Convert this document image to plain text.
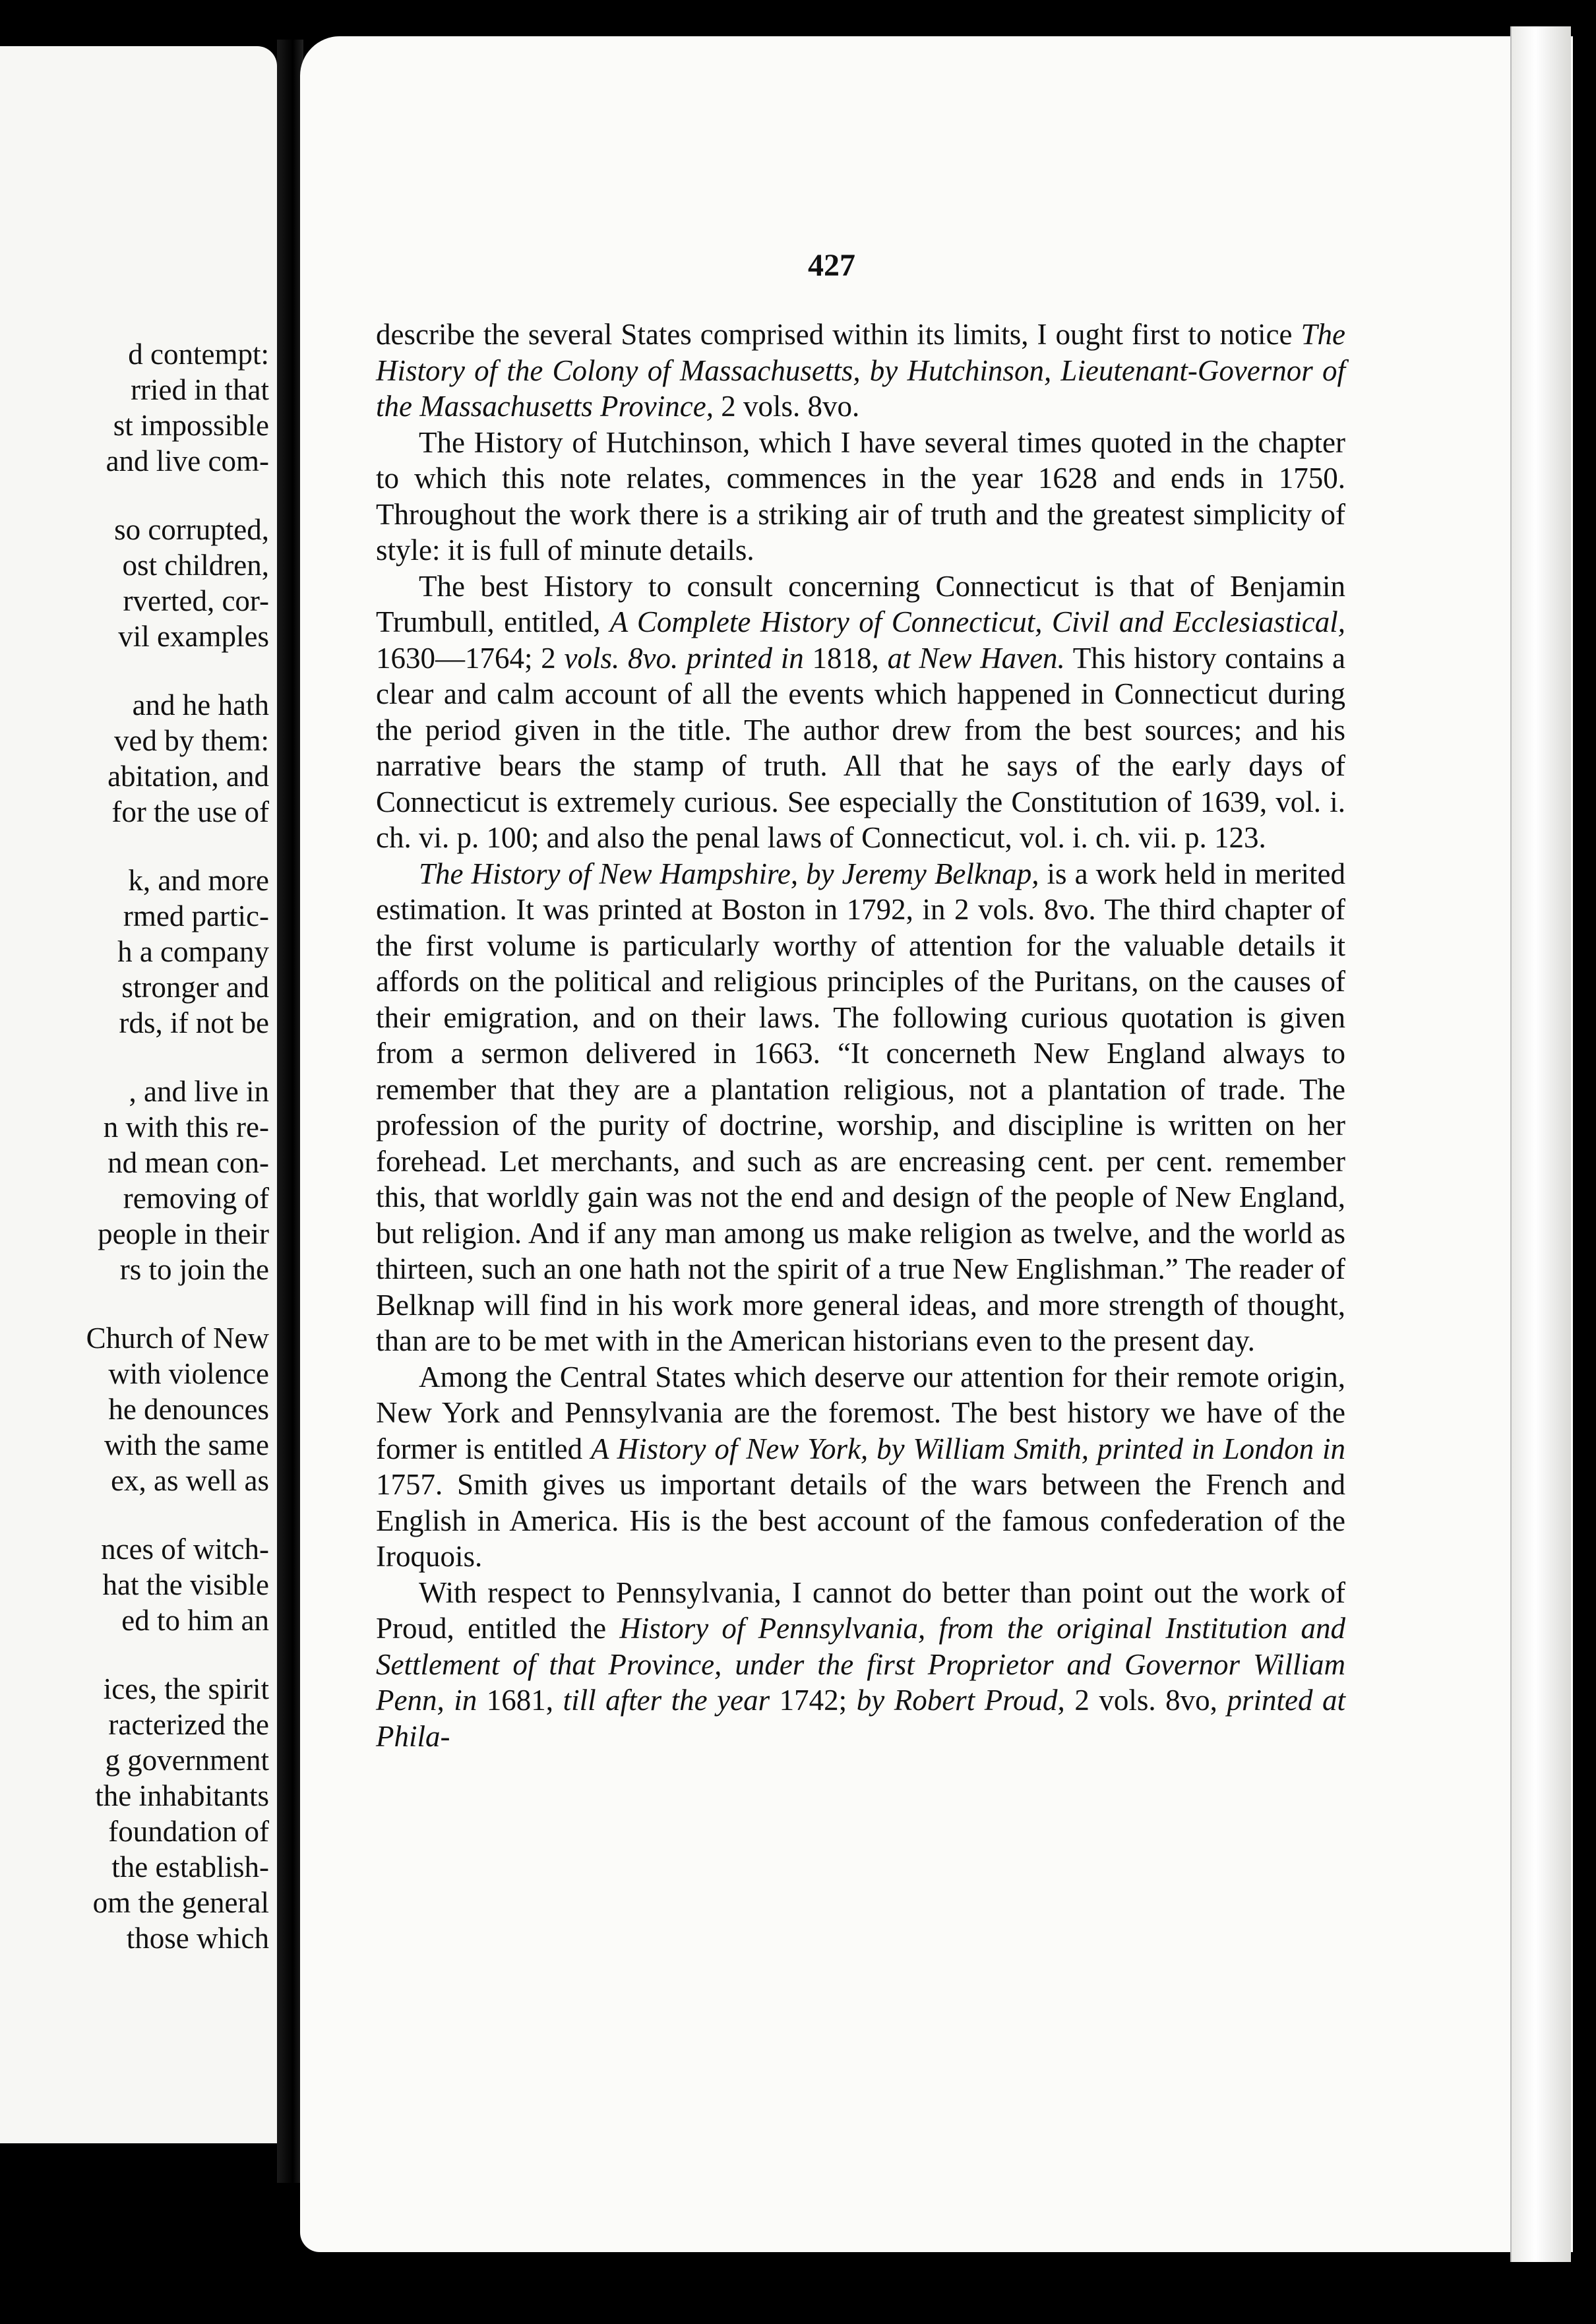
d contempt:
rried in that
st impossible
and live com-
so corrupted,
ost children,
rverted, cor-
vil examples
and he hath
ved by them:
abitation, and
for the use of
k, and more
rmed partic-
h a company
stronger and
rds, if not be
, and live in
n with this re-
nd mean con-
removing of
people in their
rs to join the
Church of New
with violence
he denounces
with the same
ex, as well as
nces of witch-
hat the visible
ed to him an
ices, the spirit
racterized the
g government
the inhabitants
foundation of
the establish-
om the general
those which
427

describe the several States comprised within its limits, I ought first to notice The History of the Colony of Massachusetts, by Hutchinson, Lieutenant-Governor of the Massachusetts Province, 2 vols. 8vo.

The History of Hutchinson, which I have several times quoted in the chapter to which this note relates, commences in the year 1628 and ends in 1750. Throughout the work there is a striking air of truth and the greatest simplicity of style: it is full of minute details.

The best History to consult concerning Connecticut is that of Benjamin Trumbull, entitled, A Complete History of Connecticut, Civil and Ecclesiastical, 1630—1764; 2 vols. 8vo. printed in 1818, at New Haven. This history contains a clear and calm account of all the events which happened in Connecticut during the period given in the title. The author drew from the best sources; and his narrative bears the stamp of truth. All that he says of the early days of Connecticut is extremely curious. See especially the Constitution of 1639, vol. i. ch. vi. p. 100; and also the penal laws of Connecticut, vol. i. ch. vii. p. 123.

The History of New Hampshire, by Jeremy Belknap, is a work held in merited estimation. It was printed at Boston in 1792, in 2 vols. 8vo. The third chapter of the first volume is particularly worthy of attention for the valuable details it affords on the political and religious principles of the Puritans, on the causes of their emigration, and on their laws. The following curious quotation is given from a sermon delivered in 1663. “It concerneth New England always to remember that they are a plantation religious, not a plantation of trade. The profession of the purity of doctrine, worship, and discipline is written on her forehead. Let merchants, and such as are encreasing cent. per cent. remember this, that worldly gain was not the end and design of the people of New England, but religion. And if any man among us make religion as twelve, and the world as thirteen, such an one hath not the spirit of a true New Englishman.” The reader of Belknap will find in his work more general ideas, and more strength of thought, than are to be met with in the American historians even to the present day.

Among the Central States which deserve our attention for their remote origin, New York and Pennsylvania are the foremost. The best history we have of the former is entitled A History of New York, by William Smith, printed in London in 1757. Smith gives us important details of the wars between the French and English in America. His is the best account of the famous confederation of the Iroquois.

With respect to Pennsylvania, I cannot do better than point out the work of Proud, entitled the History of Pennsylvania, from the original Institution and Settlement of that Province, under the first Proprietor and Governor William Penn, in 1681, till after the year 1742; by Robert Proud, 2 vols. 8vo, printed at Phila-
